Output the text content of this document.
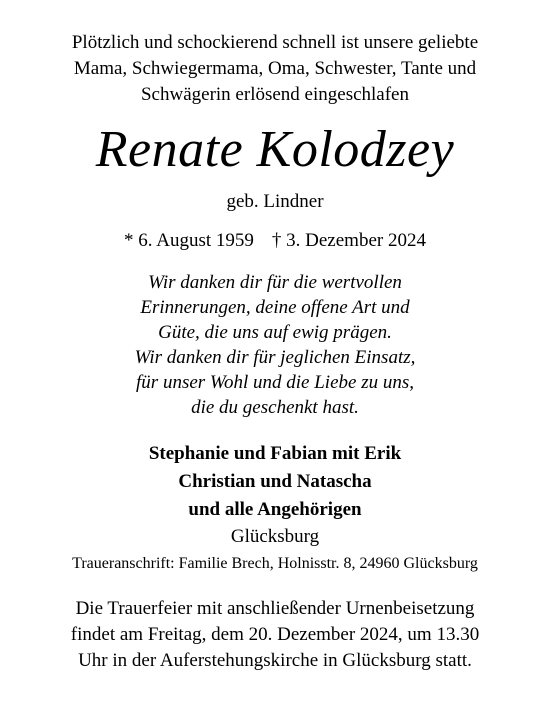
Plötzlich und schockierend schnell ist unsere geliebte
Mama, Schwiegermama, Oma, Schwester, Tante und
Schwägerin erlösend eingeschlafen
Renate Kolodzey
geb. Lindner
* 6. August 1959 † 3. Dezember 2024
Wir danken dir für die wertvollen
Erinnerungen, deine offene Art und
Güte, die uns auf ewig prägen.
Wir danken dir für jeglichen Einsatz,
für unser Wohl und die Liebe zu uns,
die du geschenkt hast.
Stephanie und Fabian mit Erik
Christian und Natascha
und alle Angehörigen
Glücksburg
Traueranschrift: Familie Brech, Holnisstr. 8, 24960 Glücksburg
Die Trauerfeier mit anschließender Urnenbeisetzung
findet am Freitag, dem 20. Dezember 2024, um 13.30
Uhr in der Auferstehungskirche in Glücksburg statt.
